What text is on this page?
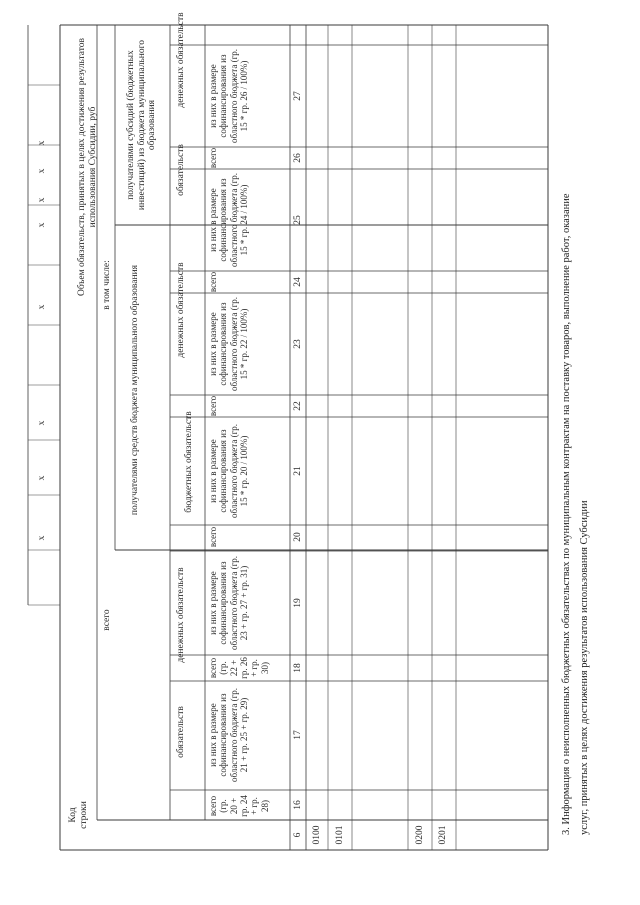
Код строки
Объем обязательств, принятых в целях достижения результатов использования Субсидии, руб
всего
в том числе: получателями средств бюджета муниципального образования
получателями субсидий (бюджетных инвестиций) из бюджета муниципального образования
обязательств
денежных обязательств
бюджетных обязательств
денежных обязательств
обязательств
денежных обязательств
всего (гр. 20 + гр. 24 + гр. 28)
из них в размере софинансирования из областного бюджета (гр. 21 + гр. 25 + гр. 29)
всего (гр. 22 + гр. 26 + гр. 30)
из них в размере софинансирования из областного бюджета (гр. 23 + гр. 27 + гр. 31)
всего
из них в размере софинансирования из областного бюджета (гр. 15 * гр. 20 / 100%)
всего
из них в размере софинансирования из областного бюджета (гр. 15 * гр. 22 / 100%)
всего
из них в размере софинансирования из областного бюджета (гр. 15 * гр. 24 / 100%)
всего
из них в размере софинансирования из областного бюджета (гр. 15 * гр. 26 / 100%)
6
16
17
18
19
20
21
22
23
24
25
26
27
0100 0101	0200 0201
x
x
x
x
x
x
x
x
3. Информация о неисполненных бюджетных обязательствах по муниципальным контрактам на поставку товаров, выполнение работ, оказание услуг, принятых в целях достижения результатов использования Субсидии
